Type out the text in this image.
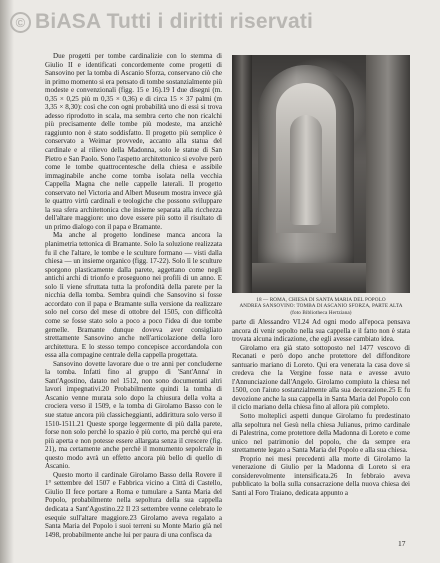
© BiASA Tutti i diritti riservati

Due progetti per tombe cardinalizie con lo stemma di Giulio II e identificati concordemente come progetti di Sansovino per la tomba di Ascanio Sforza, conservano ciò che in primo momento si era pensato di tombe sostanzialmente più modeste e convenzionali (figg. 15 e 16).19 I due disegni (m. 0,35 × 0,25 più m 0,35 × 0,36) e di circa 15 × 37 palmi (m 3,35 × 8,30): così che con ogni probabilità uno di essi si trova adesso riprodotto in scala, ma sembra certo che non ricalchi più precisamente delle tombe più modeste, ma anzichè raggiunto non è stato soddisfatto. Il progetto più semplice è conservato a Weimar provvede, accanto alla statua del cardinale e al rilievo della Madonna, solo le statue di San Pietro e San Paolo. Sono l'aspetto architettonico si evolve però come le tombe quattrocentesche della chiesa e assibile immaginabile anche come tomba isolata nella vecchia Cappella Magna che nelle cappelle laterali. Il progetto conservato nel Victoria and Albert Museum mostra invece già le quattro virtù cardinali e teologiche che possono sviluppare la sua sfera architettonica che insieme separata alla ricchezza dell'altare maggiore: uno dove essere più sotto il risultato di un primo dialogo con il papa e Bramante.

Ma anche al progetto londinese manca ancora la planimetria tettonica di Bramante. Solo la soluzione realizzata fu il che l'altare, le tombe e le sculture formano — visti dalla chiesa — un insieme organico (figg. 17-22). Solo lì le sculture sporgono plasticamente dalla parete, aggettano come negli antichi archi di trionfo e proseguono nei profili di un anno. E solo lì viene sfruttata tutta la profondità della parete per la nicchia della tomba. Sembra quindi che Sansovino si fosse accordato con il papa e Bramante sulla versione da realizzare solo nel corso del mese di ottobre del 1505, con difficoltà come se fosse stato solo a poco a poco l'idea di due tombe gemelle. Bramante dunque doveva aver consigliato strettamente Sansovino anche nell'articolazione della loro architettura. E lo stesso tempo concepisce accordandola con essa alla compagine centrale della cappella progettata.

Sansovino dovette lavorare due o tre anni per concluderne la tomba. Infatti fino al gruppo di 'Sant'Anna' in Sant'Agostino, datato nel 1512, non sono documentati altri lavori impegnativi.20 Probabilmente quindi la tomba di Ascanio venne murata solo dopo la chiusura della volta a crociera verso il 1509, e la tomba di Girolamo Basso con le sue statue ancora più classicheggianti, addirittura solo verso il 1510-1511.21 Queste sporge leggermente di più dalla parete, forse non solo perchè lo spazio è più corto, ma perchè qui era più aperta e non potesse essere allargata senza il crescere (fig. 21), ma certamente anche perchè il monumento sepolcrale in questo modo avrà un effetto ancora più bello di quello di Ascanio.

Questo morto il cardinale Girolamo Basso della Rovere il 1° settembre del 1507 e Fabbrica vicino a Città di Castello, Giulio II fece portare a Roma e tumulare a Santa Maria del Popolo, probabilmente nella sepoltura della sua cappella dedicata a Sant'Agostino.22 Il 23 settembre venne celebrato le esequie sull'altare maggiore.23 Girolamo aveva regalato a Santa Maria del Popolo i suoi terreni su Monte Mario già nel 1498, probabilmente anche lui per paura di una confisca da

18 — ROMA, CHIESA DI SANTA MARIA DEL POPOLO
ANDREA SANSOVINO: TOMBA DI ASCANIO SFORZA, PARTE ALTA
(foto Bibliotheca Hertziana)

parte di Alessandro VI.24 Ad ogni modo all'epoca pensava ancora di venir sepolto nella sua cappella e il fatto non è stata trovata alcuna indicazione, che egli avesse cambiato idea.

Girolamo era già stato sottoposto nel 1477 vescovo di Recanati e però dopo anche protettore del diffonditore santuario mariano di Loreto. Qui era venerata la casa dove si credeva che la Vergine fosse nata e avesse avuto l'Annunciazione dall'Angelo. Girolamo compiuto la chiesa nel 1500, con l'aiuto sostanzialmente alla sua decorazione.25 E fu devozione anche la sua cappella in Santa Maria del Popolo con il ciclo mariano della chiesa fino al allora più completo.

Sotto molteplici aspetti dunque Girolamo fu predestinato alla sepoltura nel Gesù nella chiesa Julianus, primo cardinale di Palestrina, come protettore della Madonna di Loreto e come unico nel patrimonio del popolo, che da sempre era strettamente legato a Santa Maria del Popolo e alla sua chiesa.

Proprio nei mesi precedenti alla morte di Girolamo la venerazione di Giulio per la Madonna di Loreto si era considerevolmente intensificata.26 In febbraio aveva pubblicato la bolla sulla consacrazione della nuova chiesa dei Santi al Foro Traiano, dedicata appunto a

17
